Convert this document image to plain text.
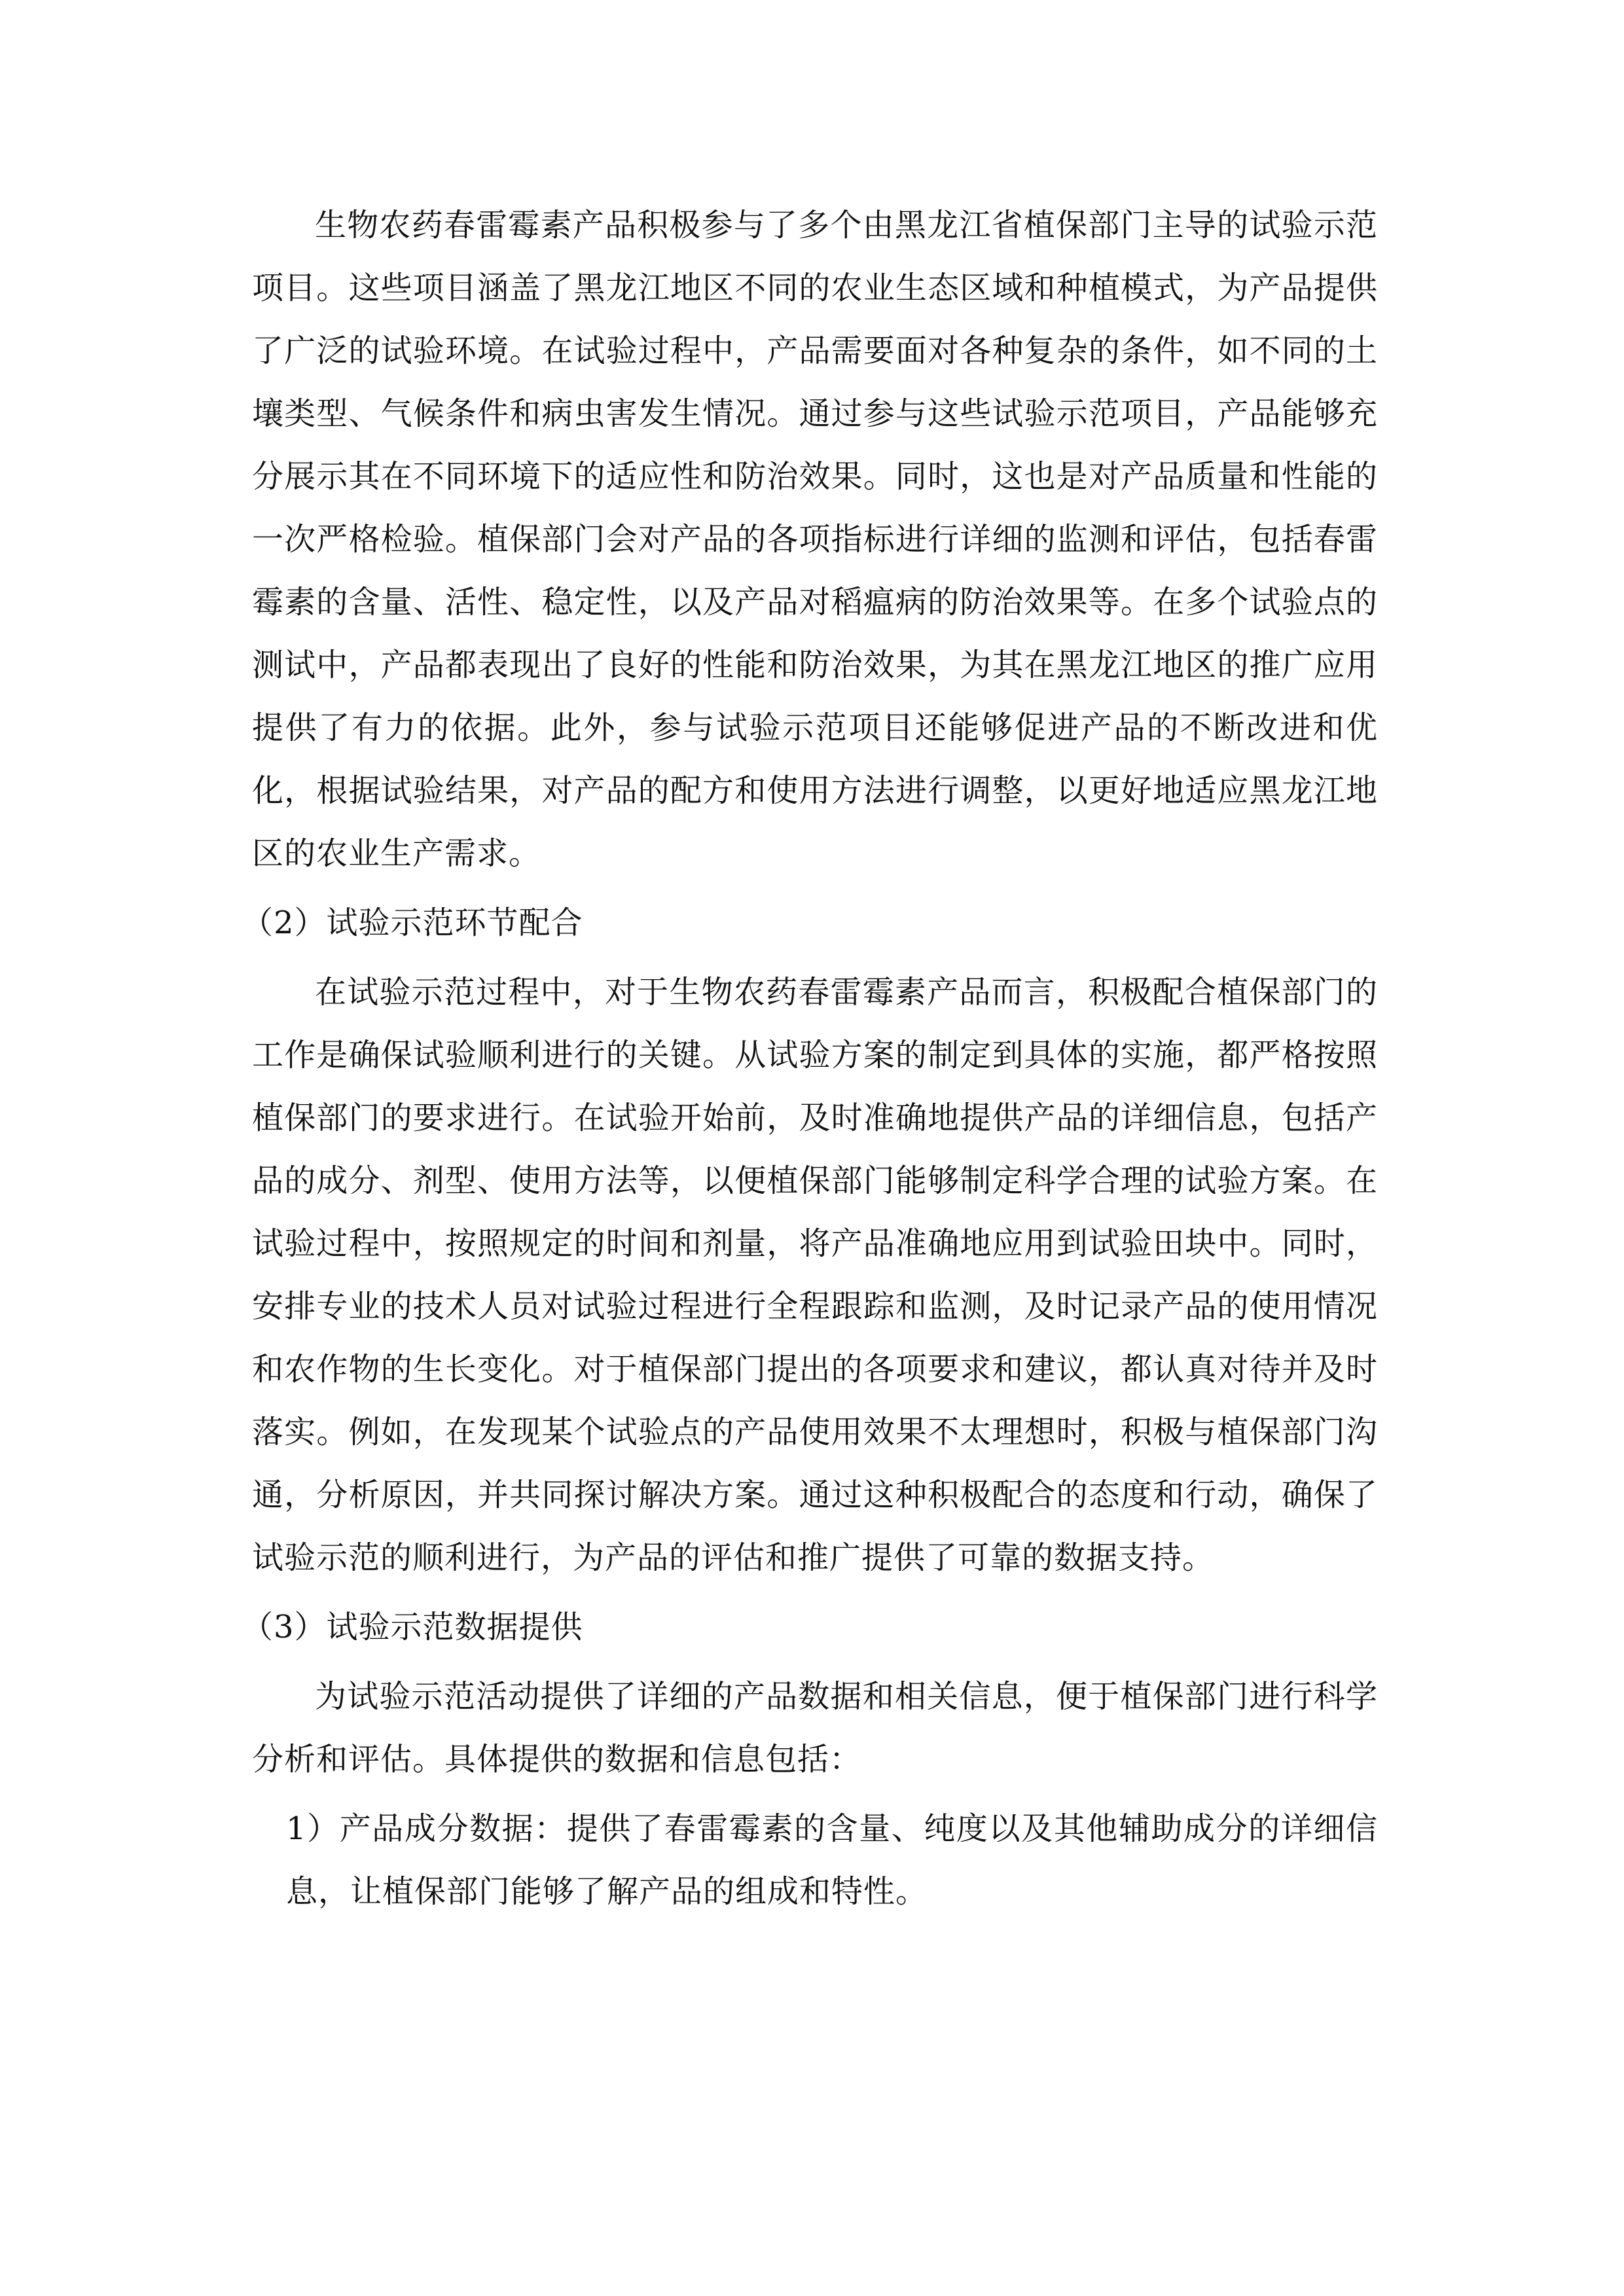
生物农药春雷霉素产品积极参与了多个由黑龙江省植保部门主导的试验示范项目。这些项目涵盖了黑龙江地区不同的农业生态区域和种植模式，为产品提供了广泛的试验环境。在试验过程中，产品需要面对各种复杂的条件，如不同的土壤类型、气候条件和病虫害发生情况。通过参与这些试验示范项目，产品能够充分展示其在不同环境下的适应性和防治效果。同时，这也是对产品质量和性能的一次严格检验。植保部门会对产品的各项指标进行详细的监测和评估，包括春雷霉素的含量、活性、稳定性，以及产品对稻瘟病的防治效果等。在多个试验点的测试中，产品都表现出了良好的性能和防治效果，为其在黑龙江地区的推广应用提供了有力的依据。此外，参与试验示范项目还能够促进产品的不断改进和优化，根据试验结果，对产品的配方和使用方法进行调整，以更好地适应黑龙江地区的农业生产需求。

（2）试验示范环节配合

在试验示范过程中，对于生物农药春雷霉素产品而言，积极配合植保部门的工作是确保试验顺利进行的关键。从试验方案的制定到具体的实施，都严格按照植保部门的要求进行。在试验开始前，及时准确地提供产品的详细信息，包括产品的成分、剂型、使用方法等，以便植保部门能够制定科学合理的试验方案。在试验过程中，按照规定的时间和剂量，将产品准确地应用到试验田块中。同时，安排专业的技术人员对试验过程进行全程跟踪和监测，及时记录产品的使用情况和农作物的生长变化。对于植保部门提出的各项要求和建议，都认真对待并及时落实。例如，在发现某个试验点的产品使用效果不太理想时，积极与植保部门沟通，分析原因，并共同探讨解决方案。通过这种积极配合的态度和行动，确保了试验示范的顺利进行，为产品的评估和推广提供了可靠的数据支持。

（3）试验示范数据提供

为试验示范活动提供了详细的产品数据和相关信息，便于植保部门进行科学分析和评估。具体提供的数据和信息包括：

1）产品成分数据：提供了春雷霉素的含量、纯度以及其他辅助成分的详细信息，让植保部门能够了解产品的组成和特性。
